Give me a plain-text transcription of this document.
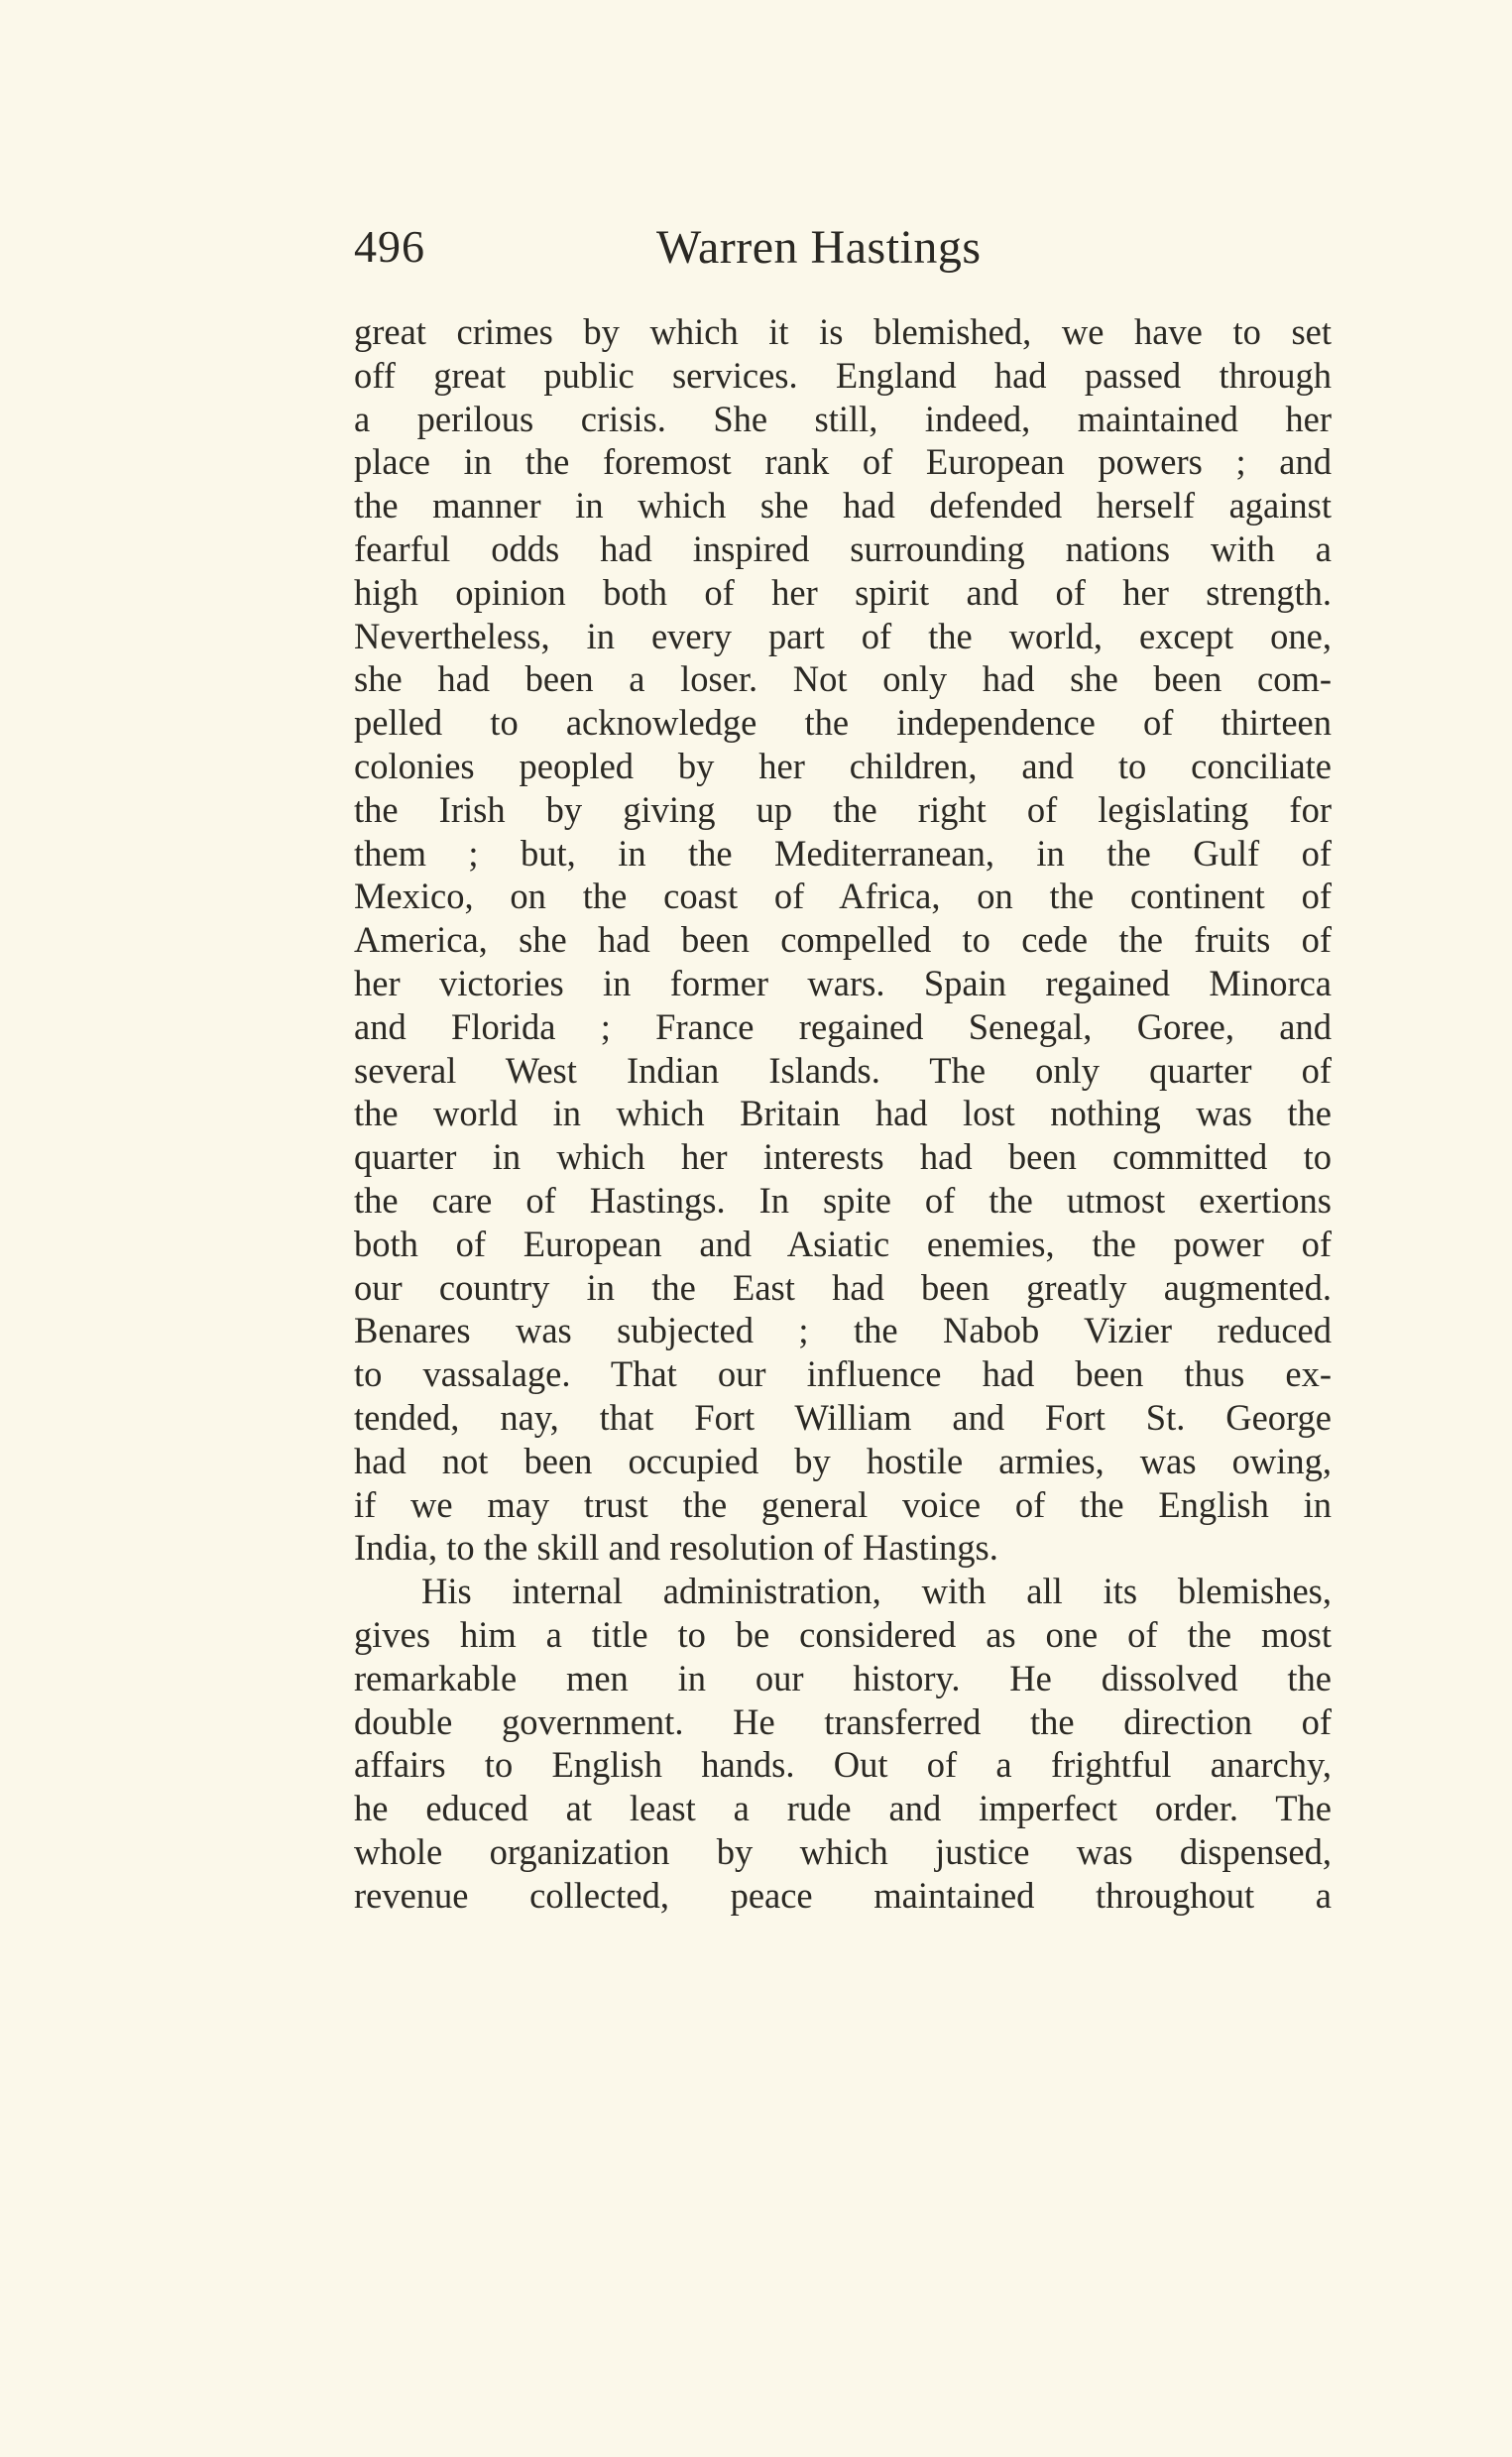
496	Warren Hastings
great crimes by which it is blemished, we have to set
off great public services. England had passed through
a perilous crisis. She still, indeed, maintained her
place in the foremost rank of European powers ; and
the manner in which she had defended herself against
fearful odds had inspired surrounding nations with a
high opinion both of her spirit and of her strength.
Nevertheless, in every part of the world, except one,
she had been a loser. Not only had she been com-
pelled to acknowledge the independence of thirteen
colonies peopled by her children, and to conciliate
the Irish by giving up the right of legislating for
them ; but, in the Mediterranean, in the Gulf of
Mexico, on the coast of Africa, on the continent of
America, she had been compelled to cede the fruits of
her victories in former wars. Spain regained Minorca
and Florida ; France regained Senegal, Goree, and
several West Indian Islands. The only quarter of
the world in which Britain had lost nothing was the
quarter in which her interests had been committed to
the care of Hastings. In spite of the utmost exertions
both of European and Asiatic enemies, the power of
our country in the East had been greatly augmented.
Benares was subjected ; the Nabob Vizier reduced
to vassalage. That our influence had been thus ex-
tended, nay, that Fort William and Fort St. George
had not been occupied by hostile armies, was owing,
if we may trust the general voice of the English in
India, to the skill and resolution of Hastings.
His internal administration, with all its blemishes,
gives him a title to be considered as one of the most
remarkable men in our history. He dissolved the
double government. He transferred the direction of
affairs to English hands. Out of a frightful anarchy,
he educed at least a rude and imperfect order. The
whole organization by which justice was dispensed,
revenue collected, peace maintained throughout a
